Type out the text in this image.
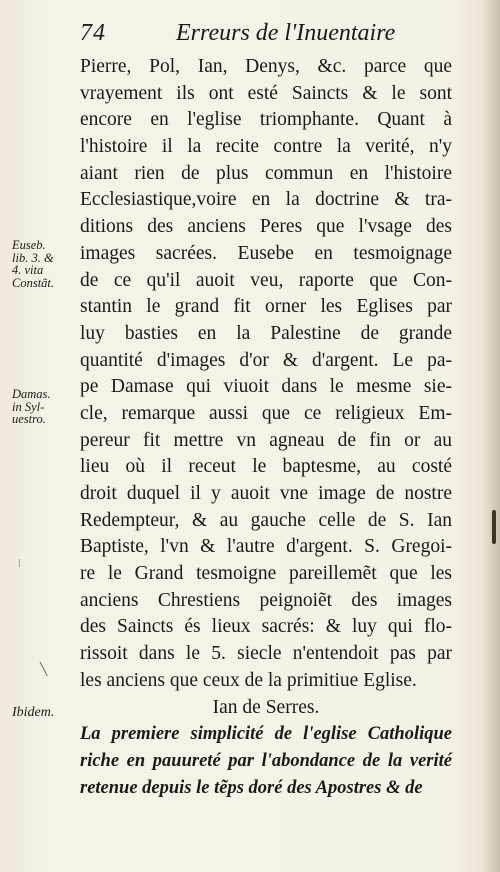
74	Erreurs de l'Inuentaire
Pierre, Pol, Ian, Denys, &c. parce que
vrayement ils ont esté Saincts & le sont
encore en l'eglise triomphante. Quant à
l'histoire il la recite contre la verité, n'y
aiant rien de plus commun en l'histoire
Ecclesiastique,voire en la doctrine & tra-
ditions des anciens Peres que l'vsage des
images sacrées. Eusebe en tesmoignage
de ce qu'il auoit veu, raporte que Con-
stantin le grand fit orner les Eglises par
luy basties en la Palestine de grande
quantité d'images d'or & d'argent. Le pa-
pe Damase qui viuoit dans le mesme sie-
cle, remarque aussi que ce religieux Em-
pereur fit mettre vn agneau de fin or au
lieu où il receut le baptesme, au costé
droit duquel il y auoit vne image de nostre
Redempteur, & au gauche celle de S. Ian
Baptiste, l'vn & l'autre d'argent. S. Gregoi-
re le Grand tesmoigne pareillemẽt que les
anciens Chrestiens peignoiẽt des images
des Saincts és lieux sacrés: & luy qui flo-
rissoit dans le 5. siecle n'entendoit pas par
les anciens que ceux de la primitiue Eglise.
Ian de Serres.
La premiere simplicité de l'eglise Catholique
riche en pauureté par l'abondance de la verité
retenue depuis le tẽps doré des Apostres & de
Euseb.
lib. 3. &
4. vita
Constãt.
Damas.
in Syl-
uestro.
Ibidem.
ǀ
╲
